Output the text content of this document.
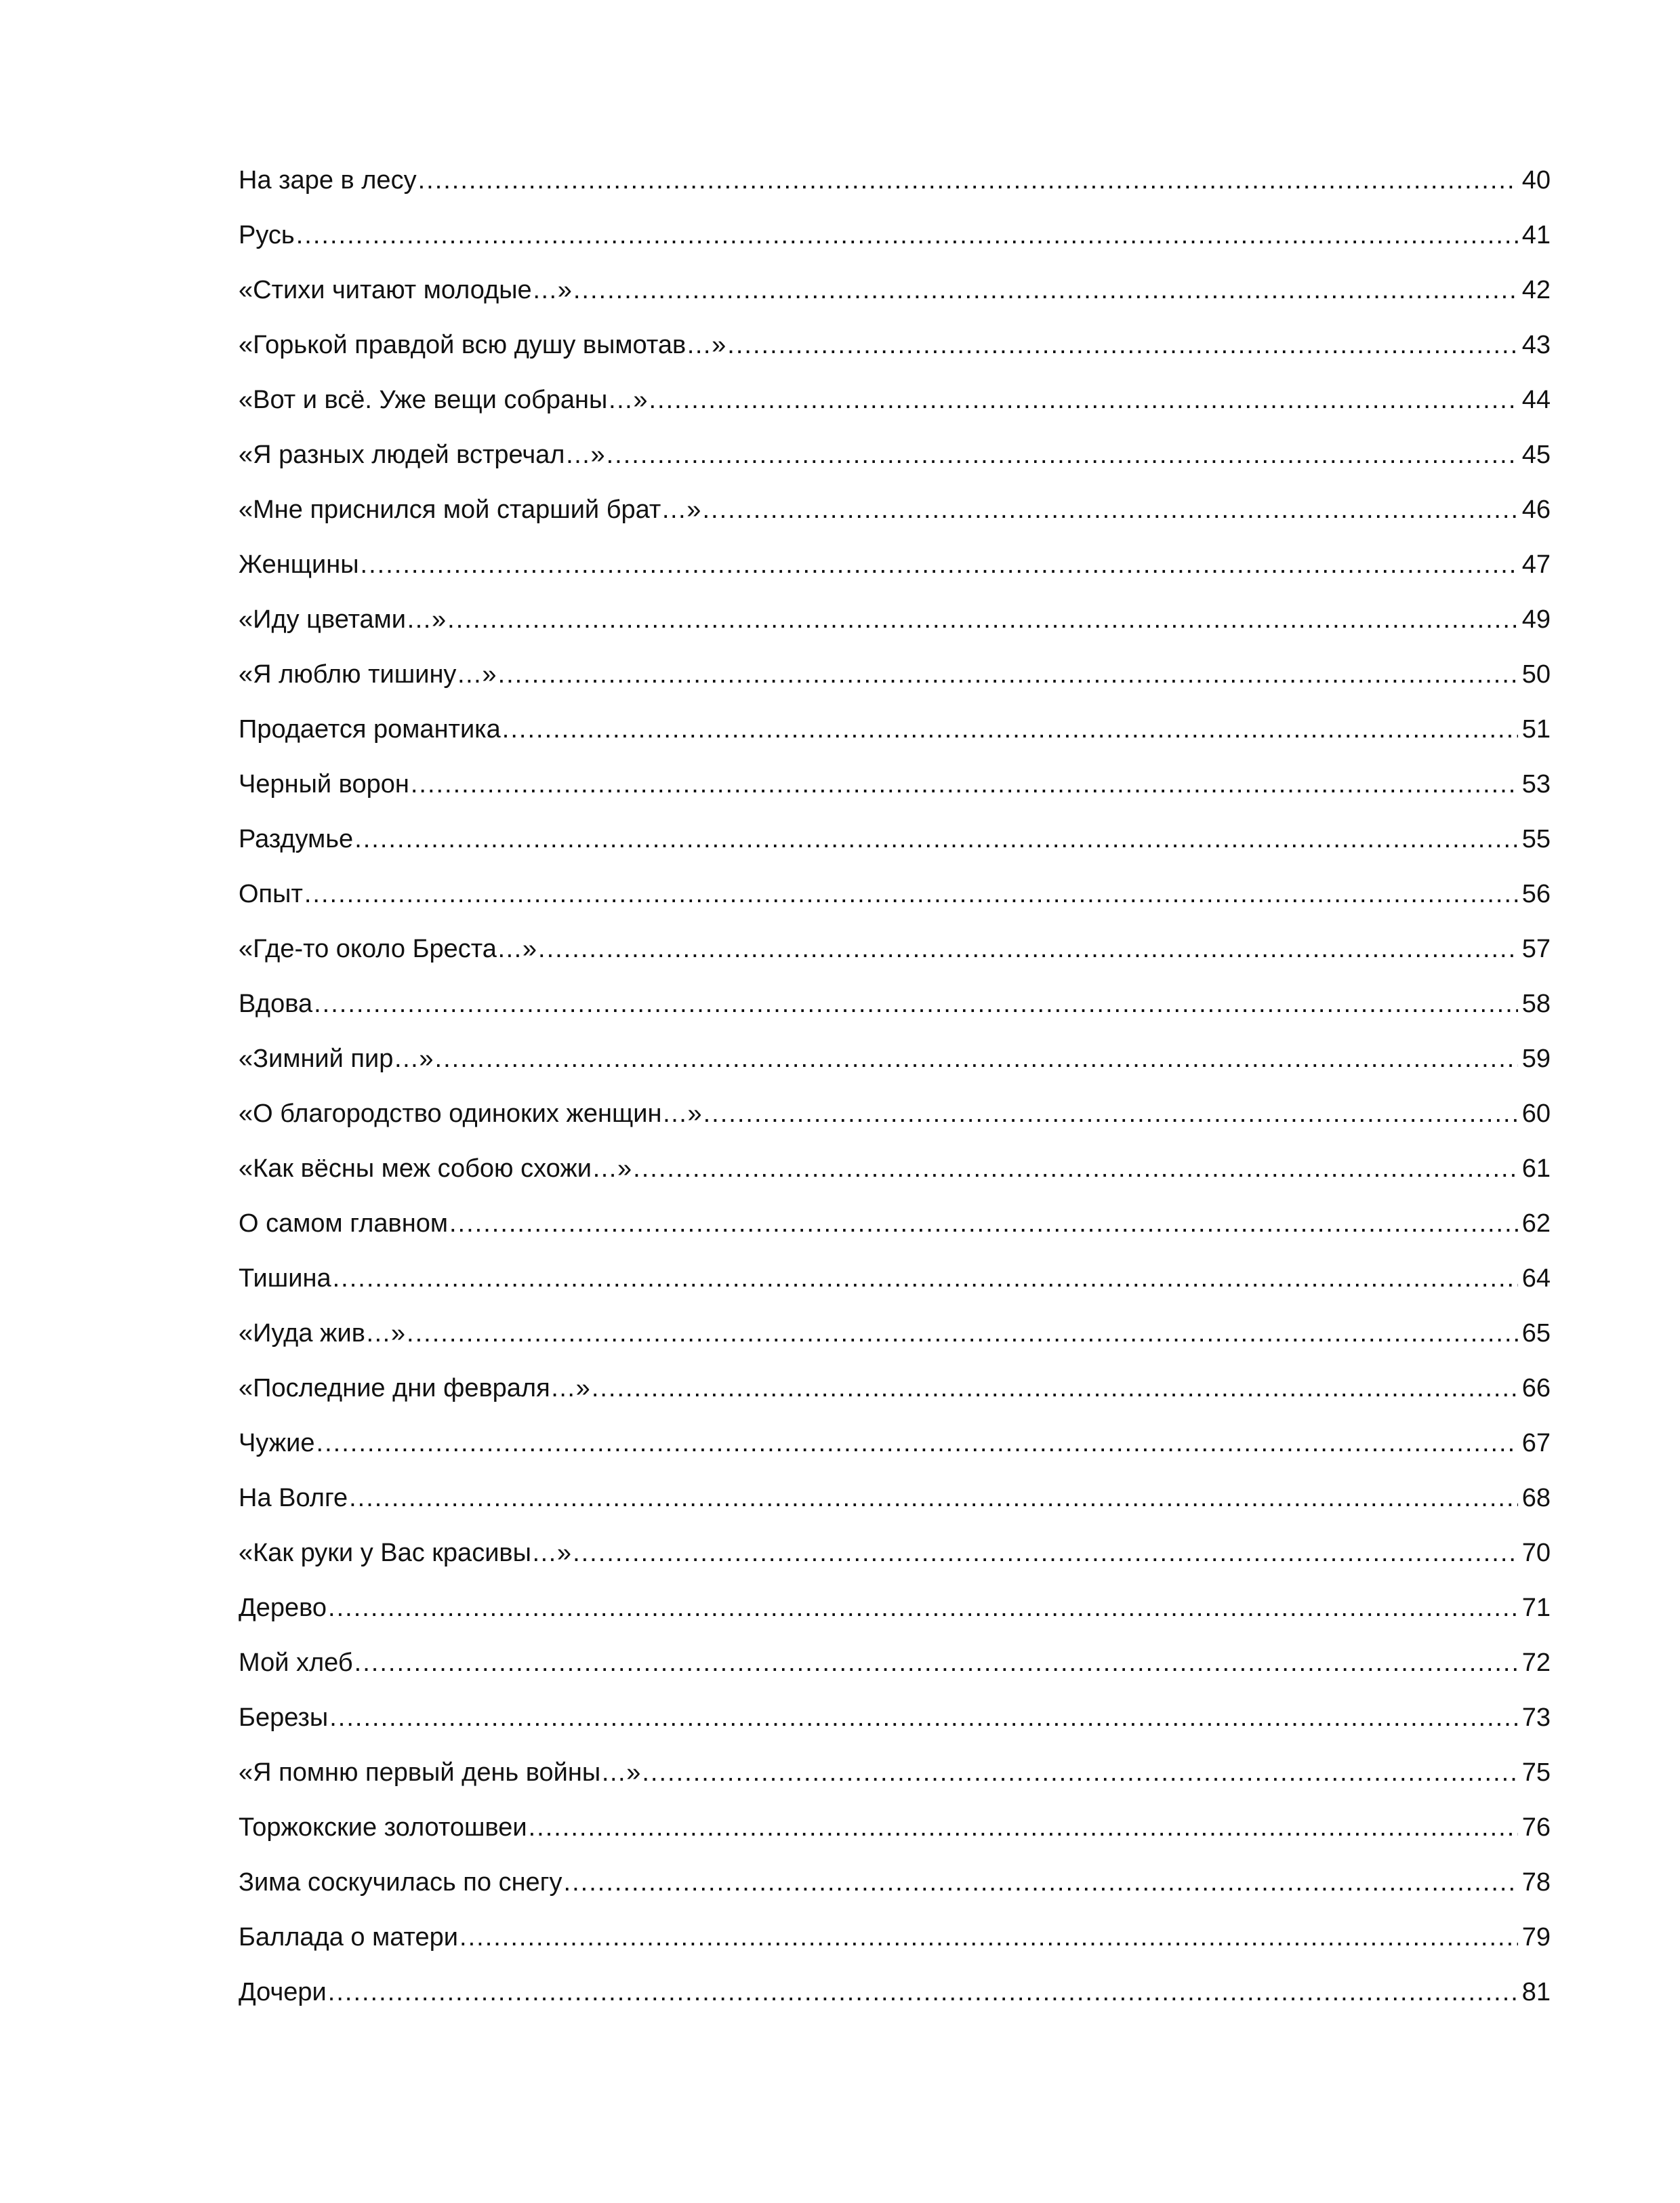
На заре в лесу .....	40
Русь .....	41
«Стихи читают молодые…» .....	42
«Горькой правдой всю душу вымотав…» .....	43
«Вот и всё. Уже вещи собраны…» .....	44
«Я разных людей встречал…» .....	45
«Мне приснился мой старший брат…» .....	46
Женщины .....	47
«Иду цветами…» .....	49
«Я люблю тишину…» .....	50
Продается романтика .....	51
Черный ворон .....	53
Раздумье .....	55
Опыт .....	56
«Где-то около Бреста…» .....	57
Вдова .....	58
«Зимний пир…» .....	59
«О благородство одиноких женщин…» .....	60
«Как вёсны меж собою схожи…» .....	61
О самом главном .....	62
Тишина .....	64
«Иуда жив…» .....	65
«Последние дни февраля…» .....	66
Чужие .....	67
На Волге .....	68
«Как руки у Вас красивы…» .....	70
Дерево .....	71
Мой хлеб .....	72
Березы .....	73
«Я помню первый день войны…» .....	75
Торжокские золотошвеи .....	76
Зима соскучилась по снегу .....	78
Баллада о матери .....	79
Дочери .....	81
